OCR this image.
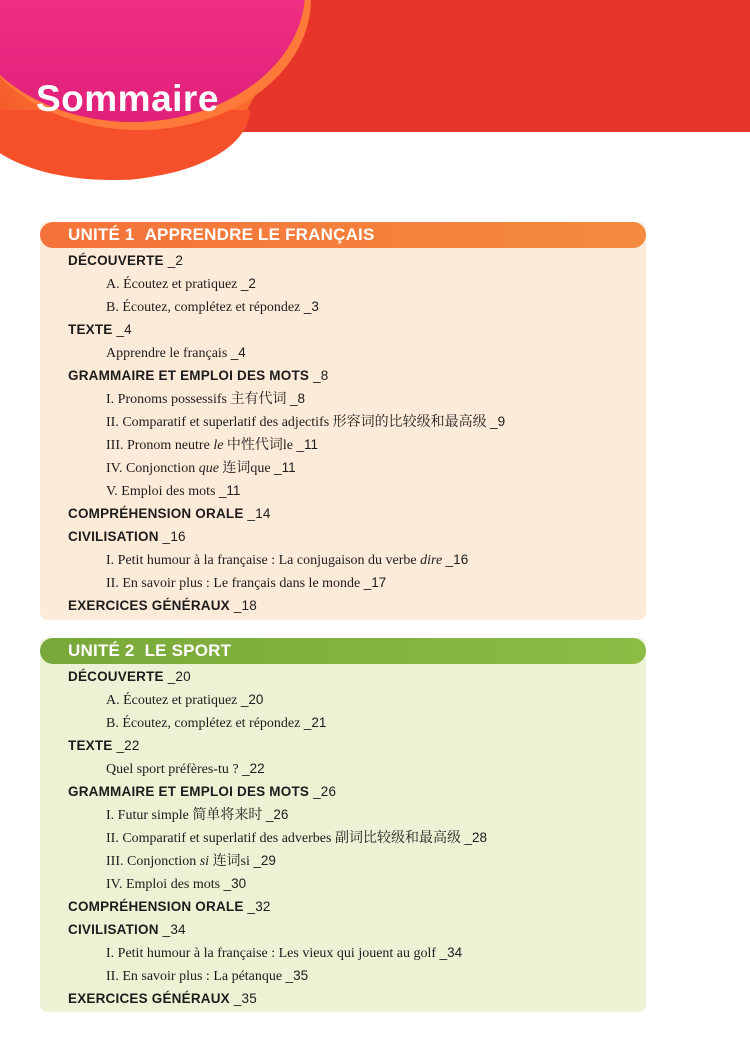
Sommaire
UNITÉ 1 APPRENDRE LE FRANÇAIS
DÉCOUVERTE _2
A. Écoutez et pratiquez _2
B. Écoutez, complétez et répondez _3
TEXTE _4
Apprendre le français _4
GRAMMAIRE ET EMPLOI DES MOTS _8
I. Pronoms possessifs 主有代词 _8
II. Comparatif et superlatif des adjectifs 形容词的比较级和最高级 _9
III. Pronom neutre le 中性代词le _11
IV. Conjonction que 连词que _11
V. Emploi des mots _11
COMPRÉHENSION ORALE _14
CIVILISATION _16
I. Petit humour à la française : La conjugaison du verbe dire _16
II. En savoir plus : Le français dans le monde _17
EXERCICES GÉNÉRAUX _18
UNITÉ 2 LE SPORT
DÉCOUVERTE _20
A. Écoutez et pratiquez _20
B. Écoutez, complétez et répondez _21
TEXTE _22
Quel sport préfères-tu ? _22
GRAMMAIRE ET EMPLOI DES MOTS _26
I. Futur simple 简单将来时 _26
II. Comparatif et superlatif des adverbes 副词比较级和最高级 _28
III. Conjonction si 连词si _29
IV. Emploi des mots _30
COMPRÉHENSION ORALE _32
CIVILISATION _34
I. Petit humour à la française : Les vieux qui jouent au golf _34
II. En savoir plus : La pétanque _35
EXERCICES GÉNÉRAUX _35
